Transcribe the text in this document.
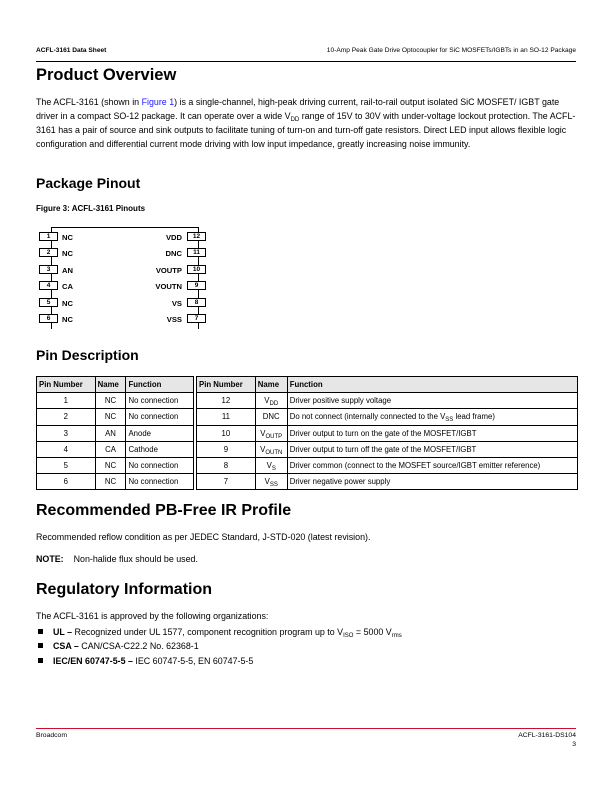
ACFL-3161 Data Sheet	10-Amp Peak Gate Drive Optocoupler for SiC MOSFETs/IGBTs in an SO-12 Package
Product Overview
The ACFL-3161 (shown in Figure 1) is a single-channel, high-peak driving current, rail-to-rail output isolated SiC MOSFET/ IGBT gate driver in a compact SO-12 package. It can operate over a wide $V_{DD}$ range of 15V to 30V with under-voltage lockout protection. The ACFL-3161 has a pair of source and sink outputs to facilitate tuning of turn-on and turn-off gate resistors. Direct LED input allows flexible logic configuration and differential current mode driving with low input impedance, greatly increasing noise immunity.
Package Pinout
Figure 3: ACFL-3161 Pinouts
1	NC
2	NC
3	AN
4	CA
5	NC
6	NC
12
VDD
11
DNC
10
VOUTP
9
VOUTN
8
VS
7
VSS
Pin Description
Pin Number	Name	Function
1	NC	No connection
2	NC	No connection
3	AN	Anode
4	CA	Cathode
5	NC	No connection
6	NC	No connection
Pin Number	Name	Function
12	$V_{DD}$	Driver positive supply voltage
11	DNC	Do not connect (internally connected to the $V_{SS}$ lead frame)
10	$V_{OUTP}$	Driver output to turn on the gate of the MOSFET/IGBT
9	$V_{OUTN}$	Driver output to turn off the gate of the MOSFET/IGBT
8	$V_S$	Driver common (connect to the MOSFET source/IGBT emitter reference)
7	$V_{SS}$	Driver negative power supply
Recommended PB-Free IR Profile
Recommended reflow condition as per JEDEC Standard, J-STD-020 (latest revision).
NOTE: Non-halide flux should be used.
Regulatory Information
The ACFL-3161 is approved by the following organizations:
UL – Recognized under UL 1577, component recognition program up to $V_{ISO} = 5000$ $V_{rms}$
CSA – CAN/CSA-C22.2 No. 62368-1
IEC/EN 60747-5-5 – IEC 60747-5-5, EN 60747-5-5
Broadcom	ACFL-3161-DS104
3
